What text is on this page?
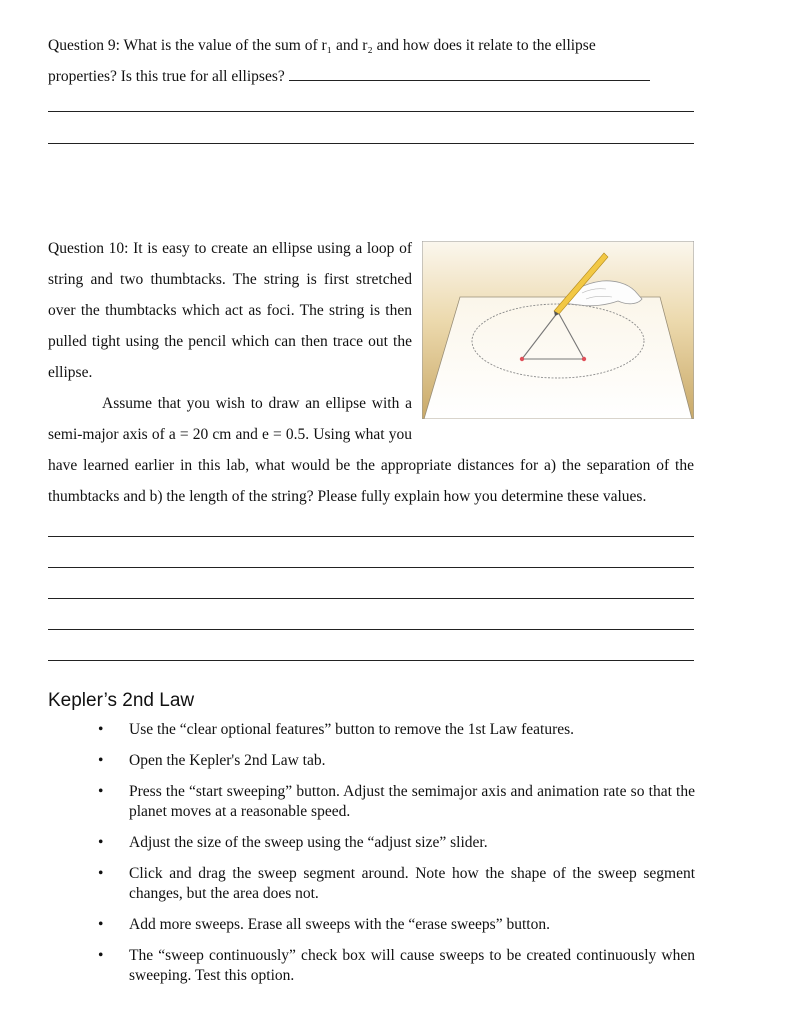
Question 9: What is the value of the sum of r₁ and r₂ and how does it relate to the ellipse

properties? Is this true for all ellipses?

Question 10: It is easy to create an ellipse using a loop of string and two thumbtacks. The string is first stretched over the thumbtacks which act as foci. The string is then pulled tight using the pencil which can then trace out the ellipse.

Assume that you wish to draw an ellipse with a semi-major axis of a = 20 cm and e = 0.5. Using what you have learned earlier in this lab, what would be the appropriate distances for a) the separation of the thumbtacks and b) the length of the string? Please fully explain how you determine these values.

Kepler’s 2nd Law
• Use the “clear optional features” button to remove the 1st Law features.
• Open the Kepler's 2nd Law tab.
• Press the “start sweeping” button. Adjust the semimajor axis and animation rate so that the planet moves at a reasonable speed.
• Adjust the size of the sweep using the “adjust size” slider.
• Click and drag the sweep segment around. Note how the shape of the sweep segment changes, but the area does not.
• Add more sweeps. Erase all sweeps with the “erase sweeps” button.
• The “sweep continuously” check box will cause sweeps to be created continuously when sweeping. Test this option.
